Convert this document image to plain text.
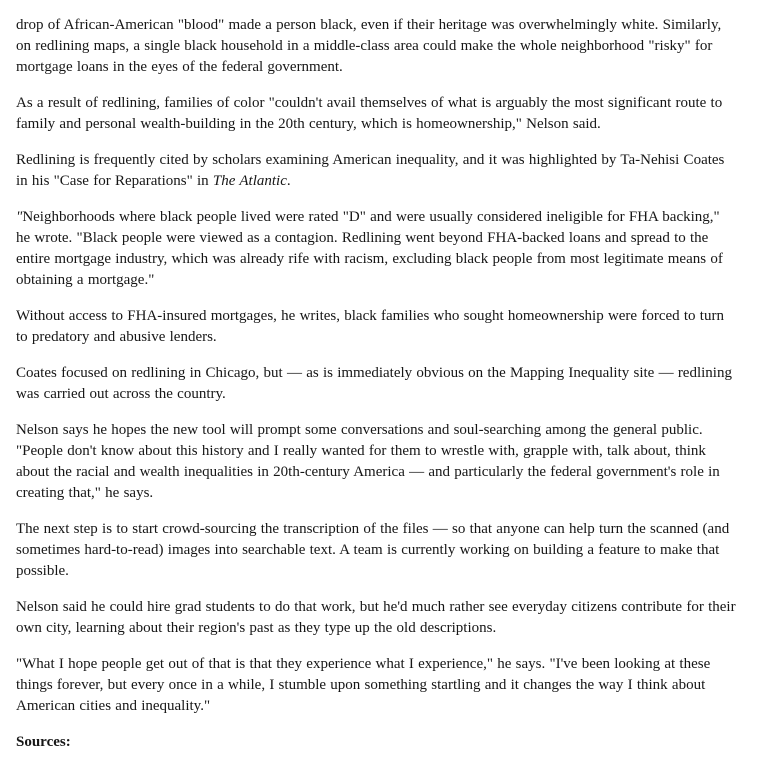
drop of African-American "blood" made a person black, even if their heritage was overwhelmingly white. Similarly, on redlining maps, a single black household in a middle-class area could make the whole neighborhood "risky" for mortgage loans in the eyes of the federal government.

As a result of redlining, families of color "couldn't avail themselves of what is arguably the most significant route to family and personal wealth-building in the 20th century, which is homeownership," Nelson said.

Redlining is frequently cited by scholars examining American inequality, and it was highlighted by Ta-Nehisi Coates in his "Case for Reparations" in The Atlantic.

"Neighborhoods where black people lived were rated "D" and were usually considered ineligible for FHA backing," he wrote. "Black people were viewed as a contagion. Redlining went beyond FHA-backed loans and spread to the entire mortgage industry, which was already rife with racism, excluding black people from most legitimate means of obtaining a mortgage."

Without access to FHA-insured mortgages, he writes, black families who sought homeownership were forced to turn to predatory and abusive lenders.

Coates focused on redlining in Chicago, but — as is immediately obvious on the Mapping Inequality site — redlining was carried out across the country.

Nelson says he hopes the new tool will prompt some conversations and soul-searching among the general public. "People don't know about this history and I really wanted for them to wrestle with, grapple with, talk about, think about the racial and wealth inequalities in 20th-century America — and particularly the federal government's role in creating that," he says.

The next step is to start crowd-sourcing the transcription of the files — so that anyone can help turn the scanned (and sometimes hard-to-read) images into searchable text. A team is currently working on building a feature to make that possible.

Nelson said he could hire grad students to do that work, but he'd much rather see everyday citizens contribute for their own city, learning about their region's past as they type up the old descriptions.

"What I hope people get out of that is that they experience what I experience," he says. "I've been looking at these things forever, but every once in a while, I stumble upon something startling and it changes the way I think about American cities and inequality."

Sources:
